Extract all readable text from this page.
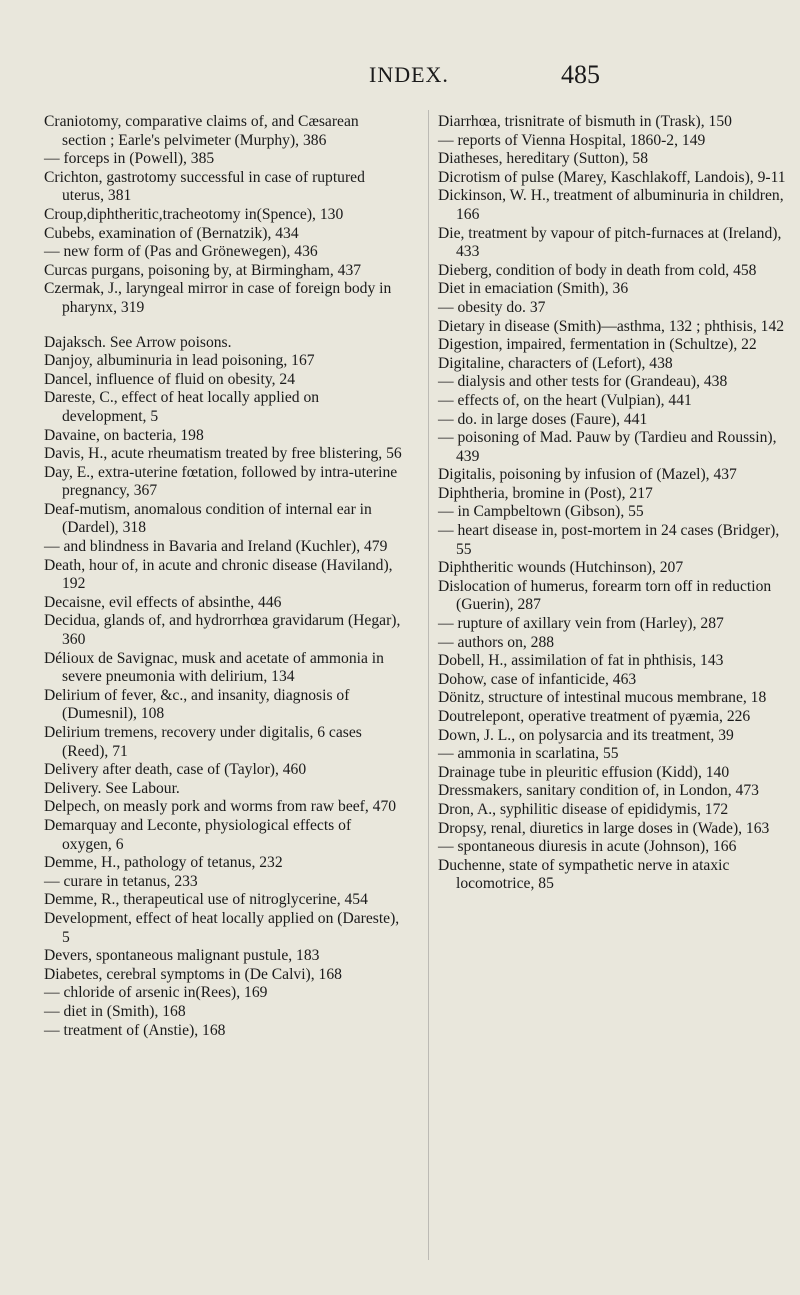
INDEX.	485
Craniotomy, comparative claims of, and Cæsarean section ; Earle's pelvimeter (Murphy), 386
— forceps in (Powell), 385
Crichton, gastrotomy successful in case of ruptured uterus, 381
Croup,diphtheritic,tracheotomy in(Spence), 130
Cubebs, examination of (Bernatzik), 434
— new form of (Pas and Grönewegen), 436
Curcas purgans, poisoning by, at Birmingham, 437
Czermak, J., laryngeal mirror in case of foreign body in pharynx, 319
Dajaksch. See Arrow poisons.
Danjoy, albuminuria in lead poisoning, 167
Dancel, influence of fluid on obesity, 24
Dareste, C., effect of heat locally applied on development, 5
Davaine, on bacteria, 198
Davis, H., acute rheumatism treated by free blistering, 56
Day, E., extra-uterine fœtation, followed by intra-uterine pregnancy, 367
Deaf-mutism, anomalous condition of internal ear in (Dardel), 318
— and blindness in Bavaria and Ireland (Kuchler), 479
Death, hour of, in acute and chronic disease (Haviland), 192
Decaisne, evil effects of absinthe, 446
Decidua, glands of, and hydrorrhœa gravidarum (Hegar), 360
Délioux de Savignac, musk and acetate of ammonia in severe pneumonia with delirium, 134
Delirium of fever, &c., and insanity, diagnosis of (Dumesnil), 108
Delirium tremens, recovery under digitalis, 6 cases (Reed), 71
Delivery after death, case of (Taylor), 460
Delivery. See Labour.
Delpech, on measly pork and worms from raw beef, 470
Demarquay and Leconte, physiological effects of oxygen, 6
Demme, H., pathology of tetanus, 232
— curare in tetanus, 233
Demme, R., therapeutical use of nitroglycerine, 454
Development, effect of heat locally applied on (Dareste), 5
Devers, spontaneous malignant pustule, 183
Diabetes, cerebral symptoms in (De Calvi), 168
— chloride of arsenic in(Rees), 169
— diet in (Smith), 168
— treatment of (Anstie), 168
Diarrhœa, trisnitrate of bismuth in (Trask), 150
— reports of Vienna Hospital, 1860-2, 149
Diatheses, hereditary (Sutton), 58
Dicrotism of pulse (Marey, Kaschlakoff, Landois), 9-11
Dickinson, W. H., treatment of albuminuria in children, 166
Die, treatment by vapour of pitch-furnaces at (Ireland), 433
Dieberg, condition of body in death from cold, 458
Diet in emaciation (Smith), 36
— obesity do. 37
Dietary in disease (Smith)—asthma, 132 ; phthisis, 142
Digestion, impaired, fermentation in (Schultze), 22
Digitaline, characters of (Lefort), 438
— dialysis and other tests for (Grandeau), 438
— effects of, on the heart (Vulpian), 441
— do. in large doses (Faure), 441
— poisoning of Mad. Pauw by (Tardieu and Roussin), 439
Digitalis, poisoning by infusion of (Mazel), 437
Diphtheria, bromine in (Post), 217
— in Campbeltown (Gibson), 55
— heart disease in, post-mortem in 24 cases (Bridger), 55
Diphtheritic wounds (Hutchinson), 207
Dislocation of humerus, forearm torn off in reduction (Guerin), 287
— rupture of axillary vein from (Harley), 287
— authors on, 288
Dobell, H., assimilation of fat in phthisis, 143
Dohow, case of infanticide, 463
Dönitz, structure of intestinal mucous membrane, 18
Doutrelepont, operative treatment of pyæmia, 226
Down, J. L., on polysarcia and its treatment, 39
— ammonia in scarlatina, 55
Drainage tube in pleuritic effusion (Kidd), 140
Dressmakers, sanitary condition of, in London, 473
Dron, A., syphilitic disease of epididymis, 172
Dropsy, renal, diuretics in large doses in (Wade), 163
— spontaneous diuresis in acute (Johnson), 166
Duchenne, state of sympathetic nerve in ataxic locomotrice, 85
